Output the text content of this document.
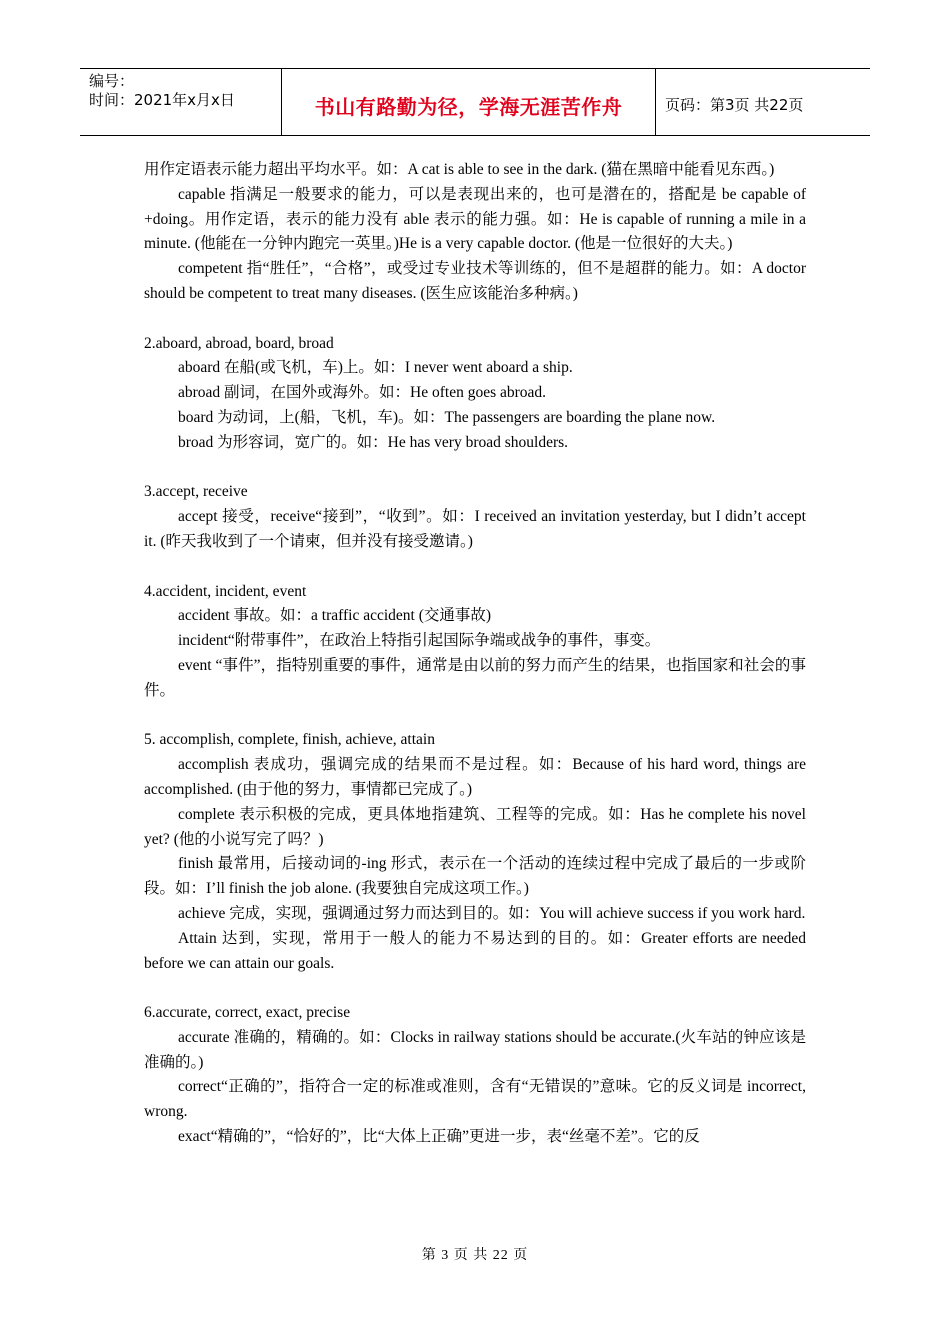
编号：
时间：2021年x月x日	书山有路勤为径，学海无涯苦作舟	页码：第3页 共22页

用作定语表示能力超出平均水平。如：A cat is able to see in the dark. (猫在黑暗中能看见东西。)

capable 指满足一般要求的能力，可以是表现出来的，也可是潜在的，搭配是 be capable of +doing。用作定语，表示的能力没有 able 表示的能力强。如：He is capable of running a mile in a minute. (他能在一分钟内跑完一英里。)He is a very capable doctor. (他是一位很好的大夫。)

competent 指“胜任”，“合格”，或受过专业技术等训练的，但不是超群的能力。如：A doctor should be competent to treat many diseases. (医生应该能治多种病。)

2.aboard, abroad, board, broad

aboard 在船(或飞机，车)上。如：I never went aboard a ship.

abroad 副词，在国外或海外。如：He often goes abroad.

board 为动词，上(船，飞机，车)。如：The passengers are boarding the plane now.

broad 为形容词，宽广的。如：He has very broad shoulders.

3.accept, receive

accept 接受，receive“接到”，“收到”。如：I received an invitation yesterday, but I didn’t accept it. (昨天我收到了一个请柬，但并没有接受邀请。)

4.accident, incident, event

accident 事故。如：a traffic accident (交通事故)

incident“附带事件”，在政治上特指引起国际争端或战争的事件，事变。

event “事件”，指特别重要的事件，通常是由以前的努力而产生的结果，也指国家和社会的事件。

5. accomplish, complete, finish, achieve, attain

accomplish 表成功，强调完成的结果而不是过程。如：Because of his hard word, things are accomplished. (由于他的努力，事情都已完成了。)

complete 表示积极的完成，更具体地指建筑、工程等的完成。如：Has he complete his novel yet? (他的小说写完了吗？)

finish 最常用，后接动词的-ing 形式，表示在一个活动的连续过程中完成了最后的一步或阶段。如：I’ll finish the job alone. (我要独自完成这项工作。)

achieve 完成，实现，强调通过努力而达到目的。如：You will achieve success if you work hard.

Attain 达到，实现，常用于一般人的能力不易达到的目的。如：Greater efforts are needed before we can attain our goals.

6.accurate, correct, exact, precise

accurate 准确的，精确的。如：Clocks in railway stations should be accurate.(火车站的钟应该是准确的。)

correct“正确的”，指符合一定的标准或准则，含有“无错误的”意味。它的反义词是 incorrect, wrong.

exact“精确的”，“恰好的”，比“大体上正确”更进一步，表“丝毫不差”。它的反

第 3 页 共 22 页
